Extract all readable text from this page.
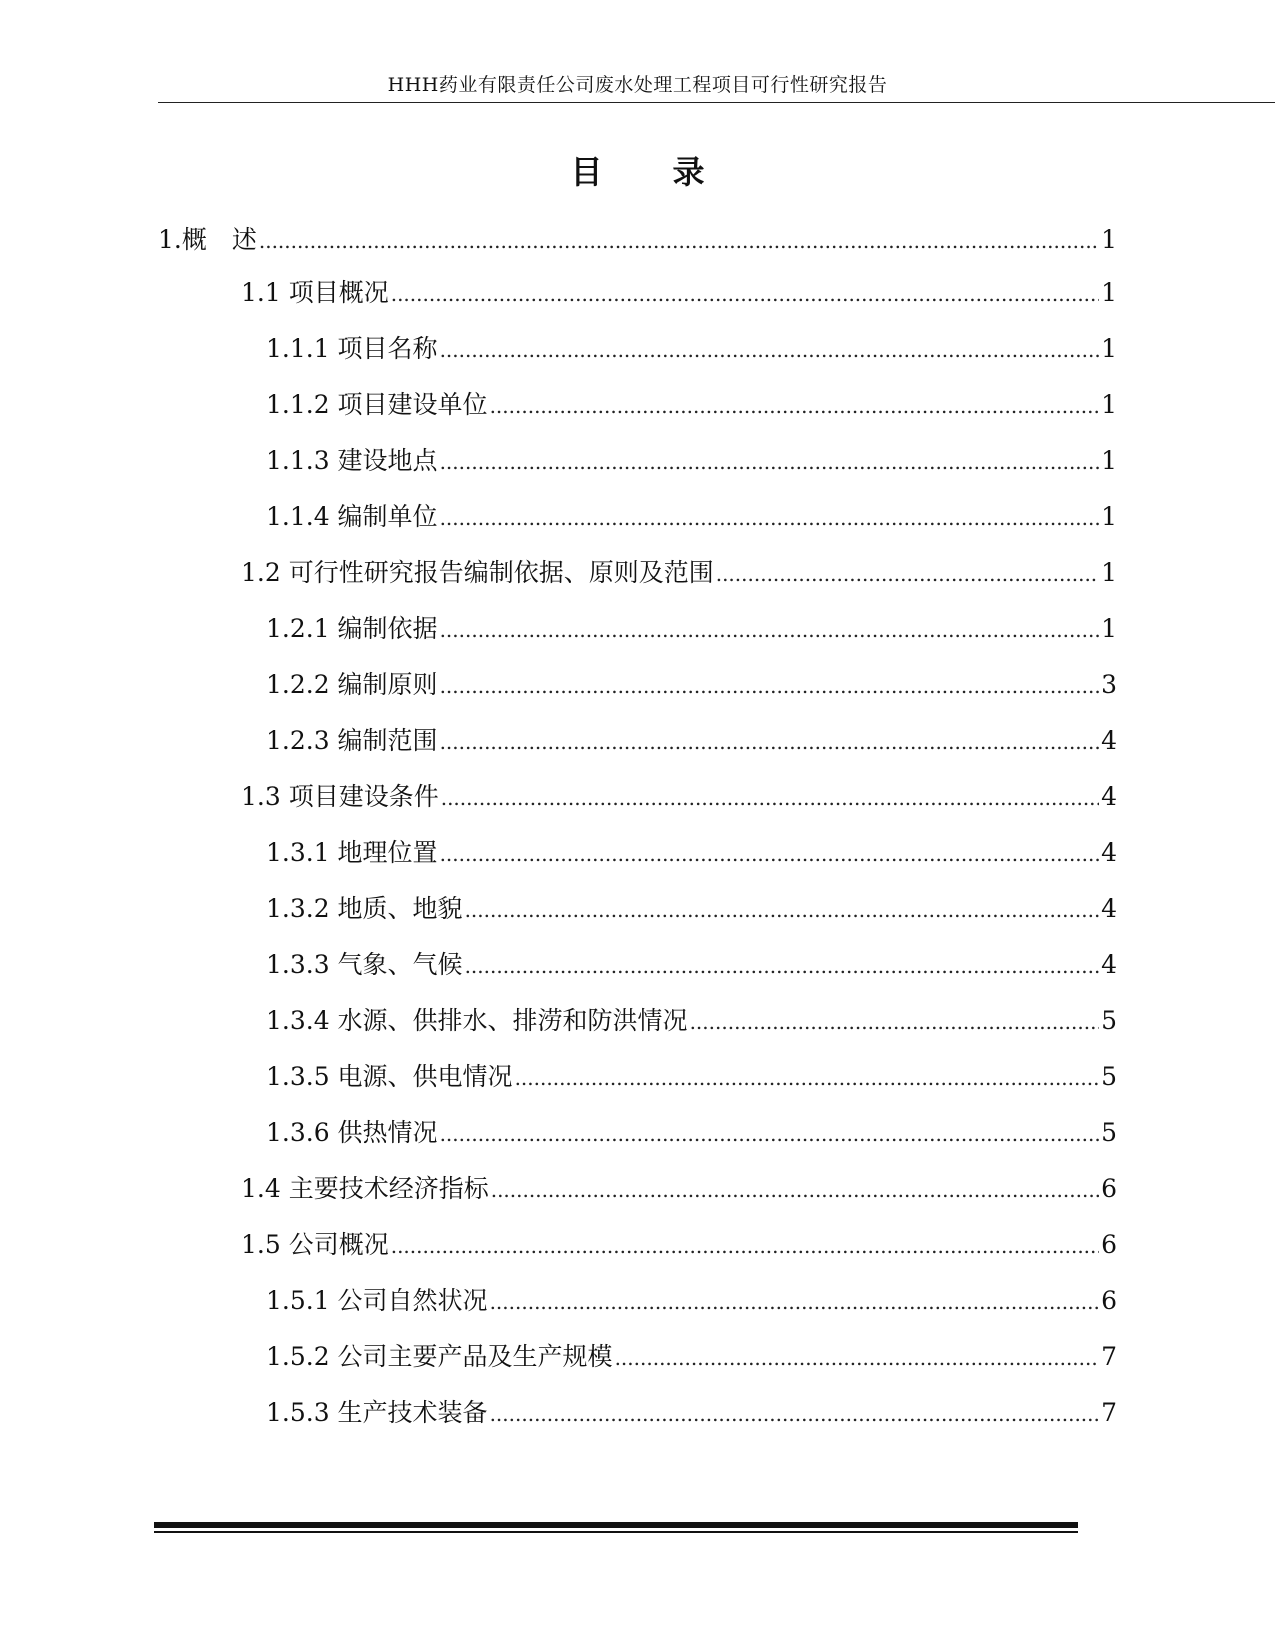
HHH药业有限责任公司废水处理工程项目可行性研究报告
目录
1.概　述 .....	1
1.1 项目概况 .....	1
1.1.1 项目名称 .....	1
1.1.2 项目建设单位 .....	1
1.1.3 建设地点 .....	1
1.1.4 编制单位 .....	1
1.2 可行性研究报告编制依据、原则及范围 .....	1
1.2.1 编制依据 .....	1
1.2.2 编制原则 .....	3
1.2.3 编制范围 .....	4
1.3 项目建设条件 .....	4
1.3.1 地理位置 .....	4
1.3.2 地质、地貌 .....	4
1.3.3 气象、气候 .....	4
1.3.4 水源、供排水、排涝和防洪情况 .....	5
1.3.5 电源、供电情况 .....	5
1.3.6 供热情况 .....	5
1.4 主要技术经济指标 .....	6
1.5 公司概况 .....	6
1.5.1 公司自然状况 .....	6
1.5.2 公司主要产品及生产规模 .....	7
1.5.3 生产技术装备 .....	7
